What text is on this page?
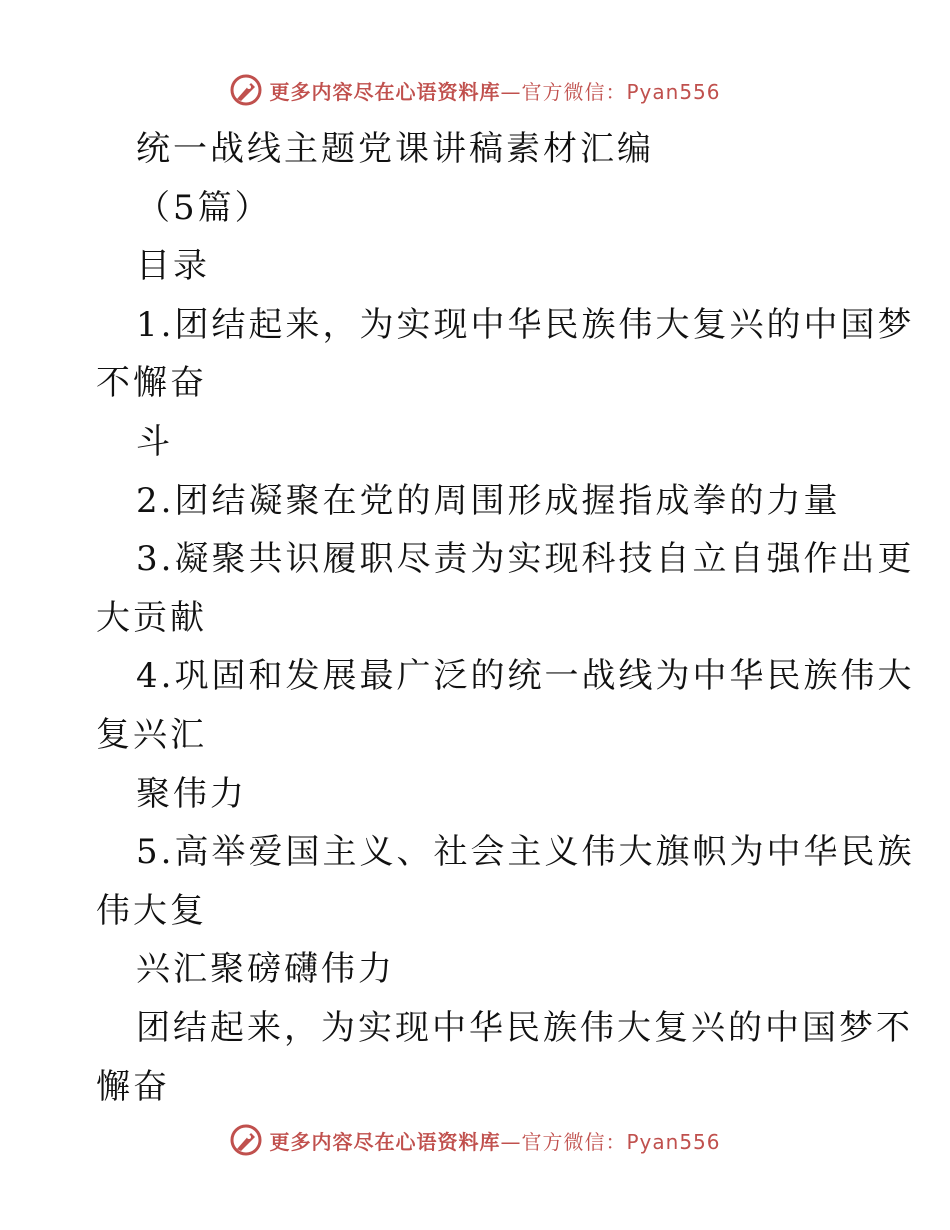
更多内容尽在心语资料库—官方微信：Pyan556
统一战线主题党课讲稿素材汇编
（5篇）
目录
1.团结起来，为实现中华民族伟大复兴的中国梦
不懈奋
斗
2.团结凝聚在党的周围形成握指成拳的力量
3.凝聚共识履职尽责为实现科技自立自强作出更
大贡献
4.巩固和发展最广泛的统一战线为中华民族伟大
复兴汇
聚伟力
5.高举爱国主义、社会主义伟大旗帜为中华民族
伟大复
兴汇聚磅礴伟力
团结起来，为实现中华民族伟大复兴的中国梦不
懈奋
更多内容尽在心语资料库—官方微信：Pyan556
